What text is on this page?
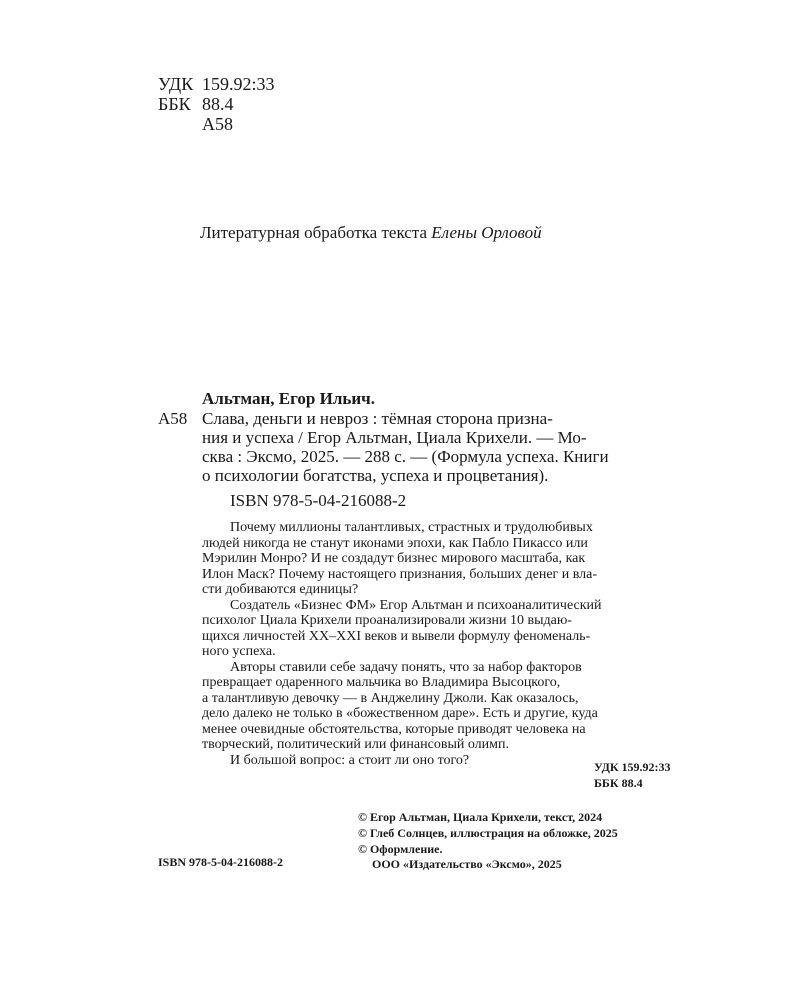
УДК 159.92:33
ББК 88.4
А58
Литературная обработка текста Елены Орловой
Альтман, Егор Ильич.
А58 Слава, деньги и невроз : тёмная сторона призна-
ния и успеха / Егор Альтман, Циала Крихели. — Мо-
сква : Эксмо, 2025. — 288 с. — (Формула успеха. Книги
о психологии богатства, успеха и процветания).
ISBN 978-5-04-216088-2

Почему миллионы талантливых, страстных и трудолюбивых

людей никогда не станут иконами эпохи, как Пабло Пикассо или

Мэрилин Монро? И не создадут бизнес мирового масштаба, как

Илон Маск? Почему настоящего признания, больших денег и вла-

сти добиваются единицы?

Создатель «Бизнес ФМ» Егор Альтман и психоаналитический

психолог Циала Крихели проанализировали жизни 10 выдаю-

щихся личностей XX–XXI веков и вывели формулу феноменаль-

ного успеха.

Авторы ставили себе задачу понять, что за набор факторов

превращает одаренного мальчика во Владимира Высоцкого,

а талантливую девочку — в Анджелину Джоли. Как оказалось,

дело далеко не только в «божественном даре». Есть и другие, куда

менее очевидные обстоятельства, которые приводят человека на

творческий, политический или финансовый олимп.

И большой вопрос: а стоит ли оно того?	УДК 159.92:33
ББК 88.4
© Егор Альтман, Циала Крихели, текст, 2024
© Глеб Солнцев, иллюстрация на обложке, 2025
© Оформление.
ISBN 978-5-04-216088-2	ООО «Издательство «Эксмо», 2025
